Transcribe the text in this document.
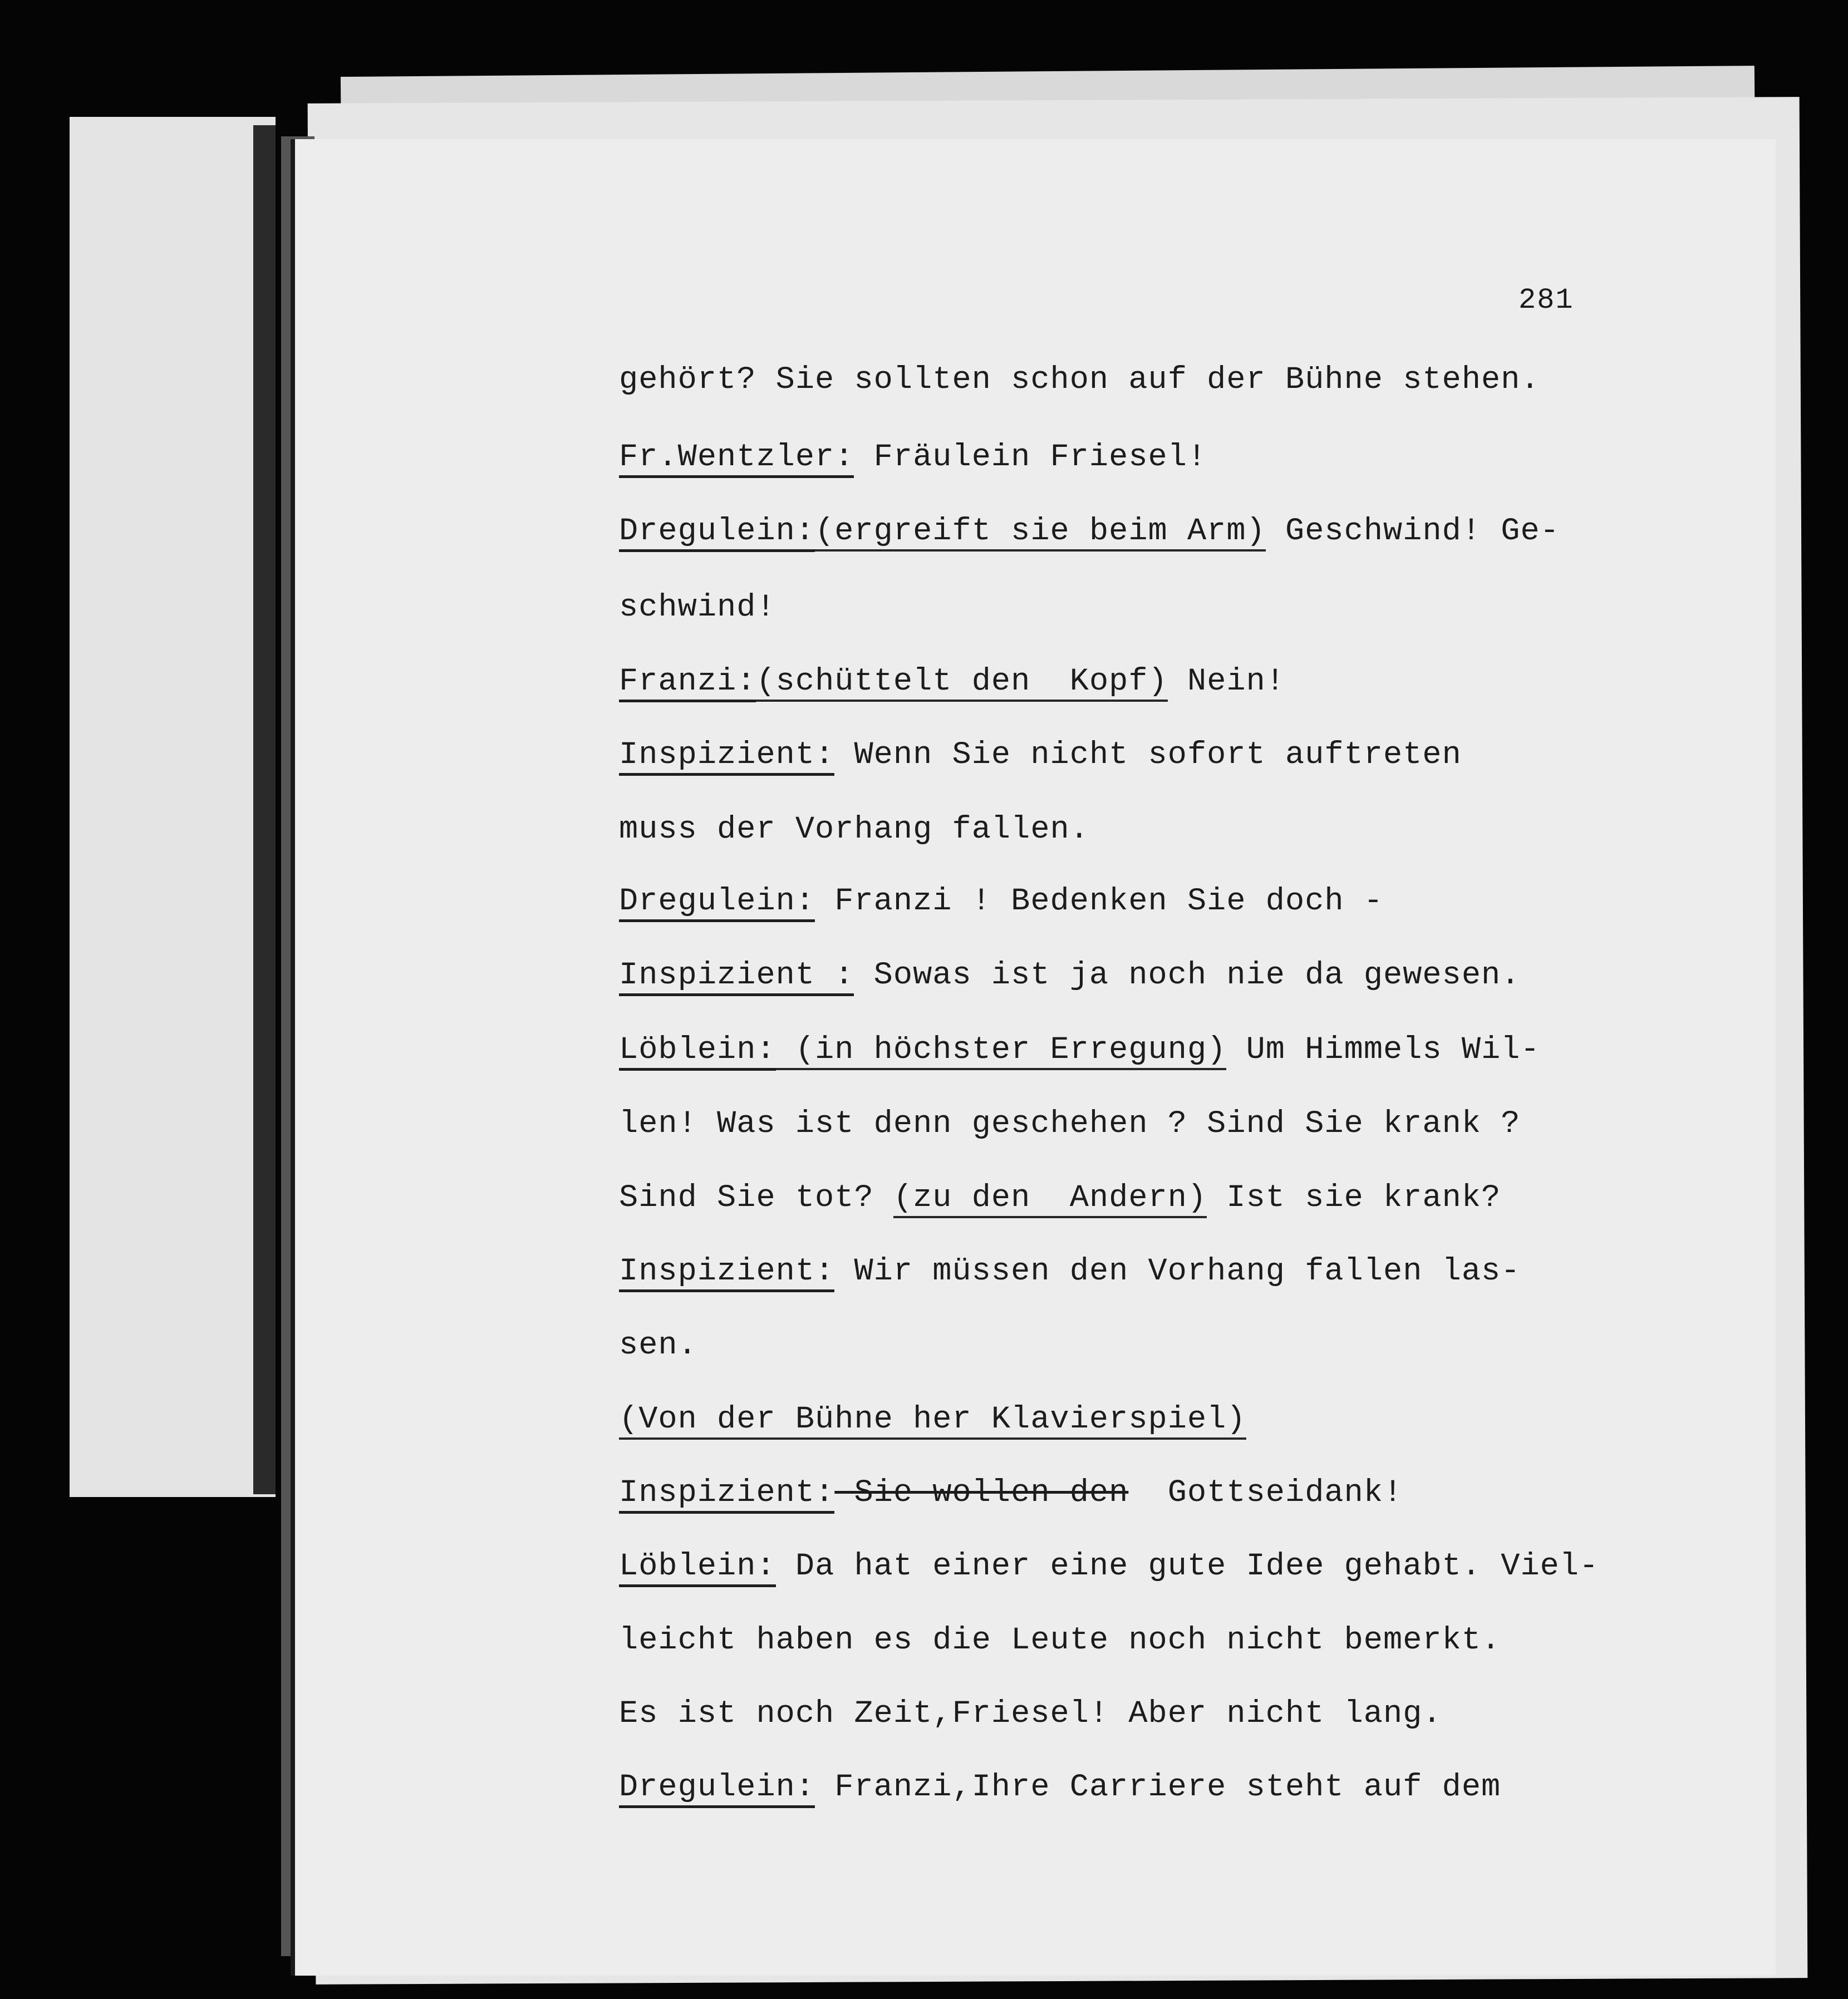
281
gehört? Sie sollten schon auf der Bühne stehen.
Fr.Wentzler: Fräulein Friesel!
Dregulein:(ergreift sie beim Arm) Geschwind! Ge-
schwind!
Franzi:(schüttelt den  Kopf) Nein!
Inspizient: Wenn Sie nicht sofort auftreten
muss der Vorhang fallen.
Dregulein: Franzi ! Bedenken Sie doch -
Inspizient : Sowas ist ja noch nie da gewesen.
Löblein: (in höchster Erregung) Um Himmels Wil-
len! Was ist denn geschehen ? Sind Sie krank ?
Sind Sie tot? (zu den  Andern) Ist sie krank?
Inspizient: Wir müssen den Vorhang fallen las-
sen.
(Von der Bühne her Klavierspiel)
Inspizient: Sie wollen den  Gottseidank!
Löblein: Da hat einer eine gute Idee gehabt. Viel-
leicht haben es die Leute noch nicht bemerkt.
Es ist noch Zeit,Friesel! Aber nicht lang.
Dregulein: Franzi,Ihre Carriere steht auf dem
